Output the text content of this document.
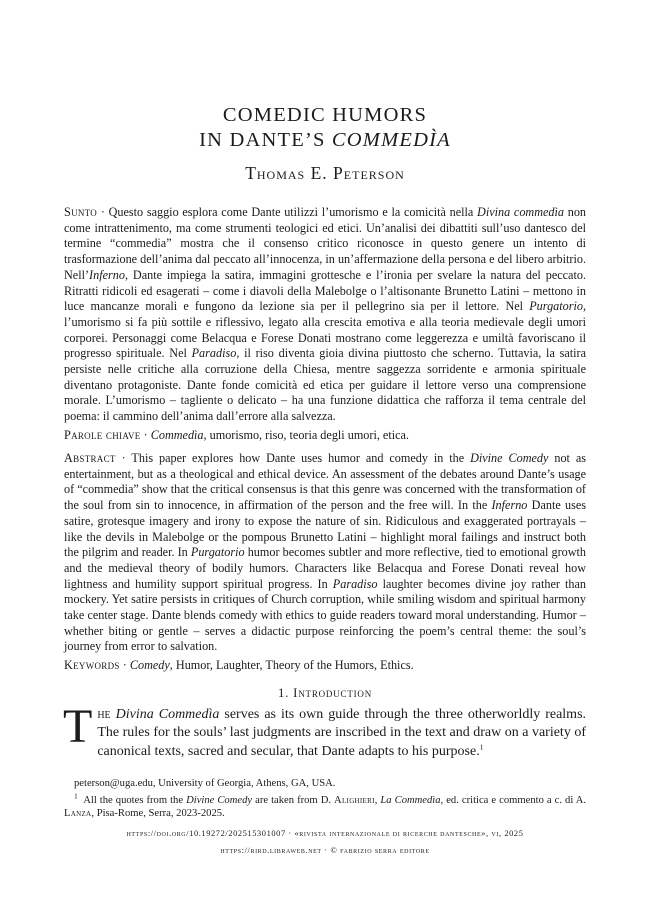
COMEDIC HUMORS
IN DANTE’S COMMEDÌA
Thomas E. Peterson
Sunto · Questo saggio esplora come Dante utilizzi l’umorismo e la comicità nella Divina commedìa non come intrattenimento, ma come strumenti teologici ed etici. Un’analisi dei dibattiti sull’uso dantesco del termine “commedia” mostra che il consenso critico riconosce in questo genere un intento di trasformazione dell’anima dal peccato all’innocenza, in un’affermazione della persona e del libero arbitrio. Nell’Inferno, Dante impiega la satira, immagini grottesche e l’ironia per svelare la natura del peccato. Ritratti ridicoli ed esagerati – come i diavoli della Malebolge o l’altisonante Brunetto Latini – mettono in luce mancanze morali e fungono da lezione sia per il pellegrino sia per il lettore. Nel Purgatorio, l’umorismo si fa più sottile e riflessivo, legato alla crescita emotiva e alla teoria medievale degli umori corporei. Personaggi come Belacqua e Forese Donati mostrano come leggerezza e umiltà favoriscano il progresso spirituale. Nel Paradiso, il riso diventa gioia divina piuttosto che scherno. Tuttavia, la satira persiste nelle critiche alla corruzione della Chiesa, mentre saggezza sorridente e armonia spirituale diventano protagoniste. Dante fonde comicità ed etica per guidare il lettore verso una comprensione morale. L’umorismo – tagliente o delicato – ha una funzione didattica che rafforza il tema centrale del poema: il cammino dell’anima dall’errore alla salvezza.
Parole chiave · Commedìa, umorismo, riso, teoria degli umori, etica.
Abstract · This paper explores how Dante uses humor and comedy in the Divine Comedy not as entertainment, but as a theological and ethical device. An assessment of the debates around Dante’s usage of “commedia” show that the critical consensus is that this genre was concerned with the transformation of the soul from sin to innocence, in affirmation of the person and the free will. In the Inferno Dante uses satire, grotesque imagery and irony to expose the nature of sin. Ridiculous and exaggerated portrayals – like the devils in Malebolge or the pompous Brunetto Latini – highlight moral failings and instruct both the pilgrim and reader. In Purgatorio humor becomes subtler and more reflective, tied to emotional growth and the medieval theory of bodily humors. Characters like Belacqua and Forese Donati reveal how lightness and humility support spiritual progress. In Paradiso laughter becomes divine joy rather than mockery. Yet satire persists in critiques of Church corruption, while smiling wisdom and spiritual harmony take center stage. Dante blends comedy with ethics to guide readers toward moral understanding. Humor – whether biting or gentle – serves a didactic purpose reinforcing the poem’s central theme: the soul’s journey from error to salvation.
Keywords · Comedy, Humor, Laughter, Theory of the Humors, Ethics.
1. Introduction
The Divina Commedìa serves as its own guide through the three otherworldly realms. The rules for the souls’ last judgments are inscribed in the text and draw on a variety of canonical texts, sacred and secular, that Dante adapts to his purpose.$^1$
peterson@uga.edu, University of Georgia, Athens, GA, USA.
$^1$ All the quotes from the Divine Comedy are taken from D. Alighieri, La Commedìa, ed. critica e commento a c. di A. Lanza, Pisa-Rome, Serra, 2023-2025.
https://doi.org/10.19272/202515301007 · «rivista internazionale di ricerche dantesche», vi, 2025
https://rird.libraweb.net · © fabrizio serra editore
